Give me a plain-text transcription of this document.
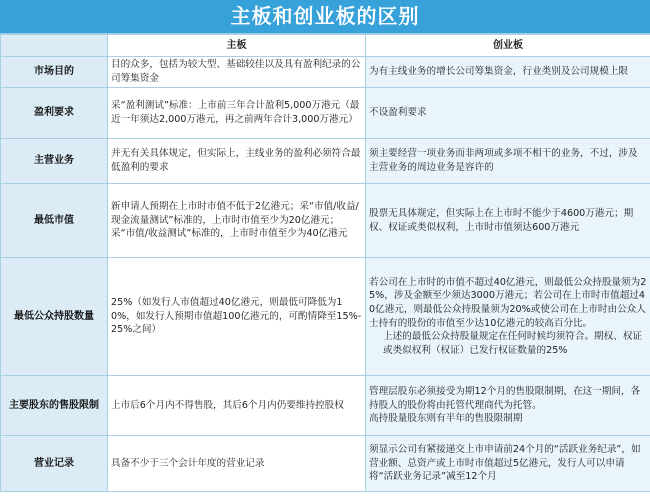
主板和创业板的区别
	主板	创业板
市场目的	目的众多，包括为较大型、基础较佳以及具有盈利纪录的公司筹集资金	为有主线业务的增长公司筹集资金，行业类别及公司规模上限
盈利要求	采“盈利测试”标准：上市前三年合计盈利5,000万港元（最近一年须达2,000万港元，再之前两年合计3,000万港元）	不设盈利要求
主营业务	并无有关具体规定，但实际上，主线业务的盈利必须符合最低盈利的要求	须主要经营一项业务而非两项或多项不相干的业务，不过，涉及主营业务的周边业务是容许的
最低市值	新申请人预期在上市时市值不低于2亿港元；采“市值/收益/现金流量测试”标准的，上市时市值至少为20亿港元；采“市值/收益测试”标准的，上市时市值至少为40亿港元	股票无具体规定，但实际上在上市时不能少于4600万港元；期权、权证或类似权利，上市时市值须达600万港元
最低公众持股数量	25%（如发行人市值超过40亿港元，则最低可降低为10%，如发行人预期市值超100亿港元的，可酌情降至15%-25%之间）	若公司在上市时的市值不超过40亿港元，则最低公众持股量须为25%，涉及金额至少须达3000万港元；若公司在上市时市值超过40亿港元，则最低公众持股量须为20%或使公司在上市时由公众人士持有的股份的市值至少达10亿港元的较高百分比。
上述的最低公众持股量规定在任何时候均须符合。期权、权证或类似权利（权证）已发行权证数量的25%

主要股东的售股限制	上市后6个月内不得售股，其后6个月内仍要维持控股权	管理层股东必须接受为期12个月的售股限制期，在这一期间，各持股人的股份将由托管代理商代为托管。
高持股量股东则有半年的售股限制期
营业记录	具备不少于三个会计年度的营业记录	须显示公司有紧接递交上市申请前24个月的“活跃业务纪录”，如营业额、总资产或上市时市值超过5亿港元，发行人可以申请将“活跃业务记录”减至12个月
